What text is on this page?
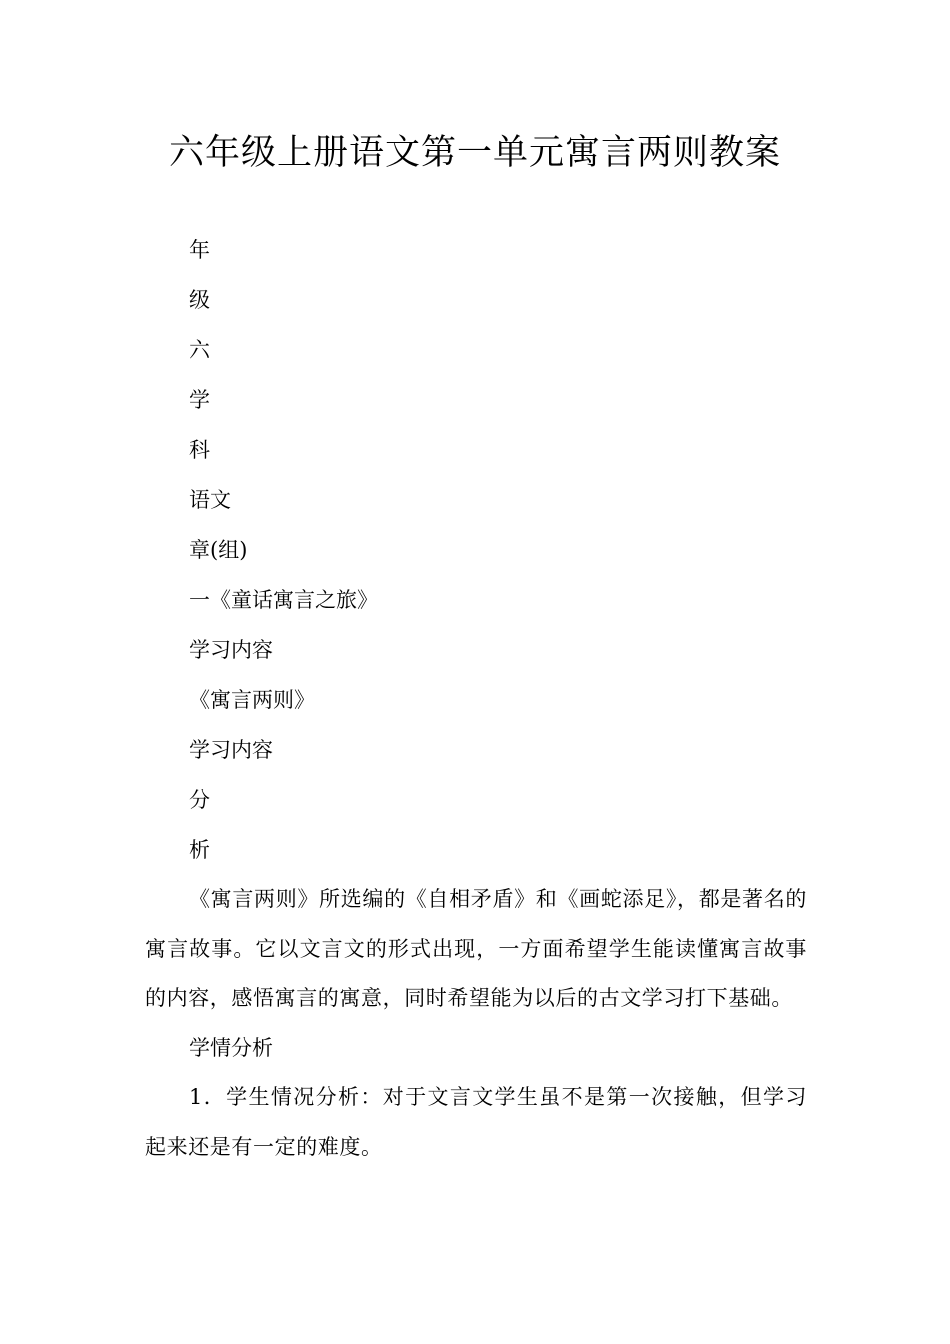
六年级上册语文第一单元寓言两则教案

年

级

六

学

科

语文

章(组)

一《童话寓言之旅》

学习内容

《寓言两则》

学习内容

分

析

《寓言两则》所选编的《自相矛盾》和《画蛇添足》，都是著名的寓言故事。它以文言文的形式出现，一方面希望学生能读懂寓言故事的内容，感悟寓言的寓意，同时希望能为以后的古文学习打下基础。

学情分析

1．学生情况分析：对于文言文学生虽不是第一次接触，但学习起来还是有一定的难度。
